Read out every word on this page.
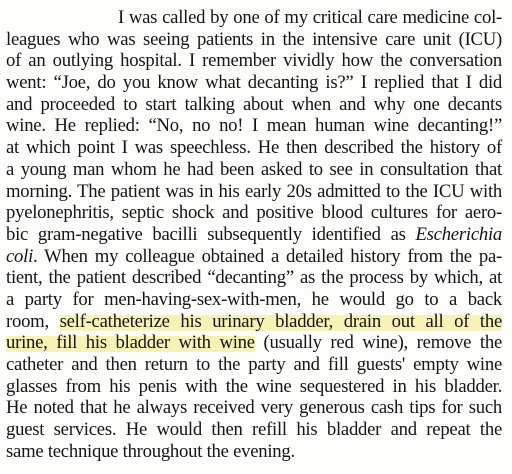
I was called by one of my critical care medicine col-
leagues who was seeing patients in the intensive care unit (ICU)
of an outlying hospital. I remember vividly how the conversation
went: “Joe, do you know what decanting is?” I replied that I did
and proceeded to start talking about when and why one decants
wine. He replied: “No, no no! I mean human wine decanting!”
at which point I was speechless. He then described the history of
a young man whom he had been asked to see in consultation that
morning. The patient was in his early 20s admitted to the ICU with
pyelonephritis, septic shock and positive blood cultures for aero-
bic gram-negative bacilli subsequently identified as Escherichia
coli. When my colleague obtained a detailed history from the pa-
tient, the patient described “decanting” as the process by which, at
a party for men-having-sex-with-men, he would go to a back
room, self-catheterize his urinary bladder, drain out all of the
urine, fill his bladder with wine (usually red wine), remove the
catheter and then return to the party and fill guests' empty wine
glasses from his penis with the wine sequestered in his bladder.
He noted that he always received very generous cash tips for such
guest services. He would then refill his bladder and repeat the
same technique throughout the evening.
